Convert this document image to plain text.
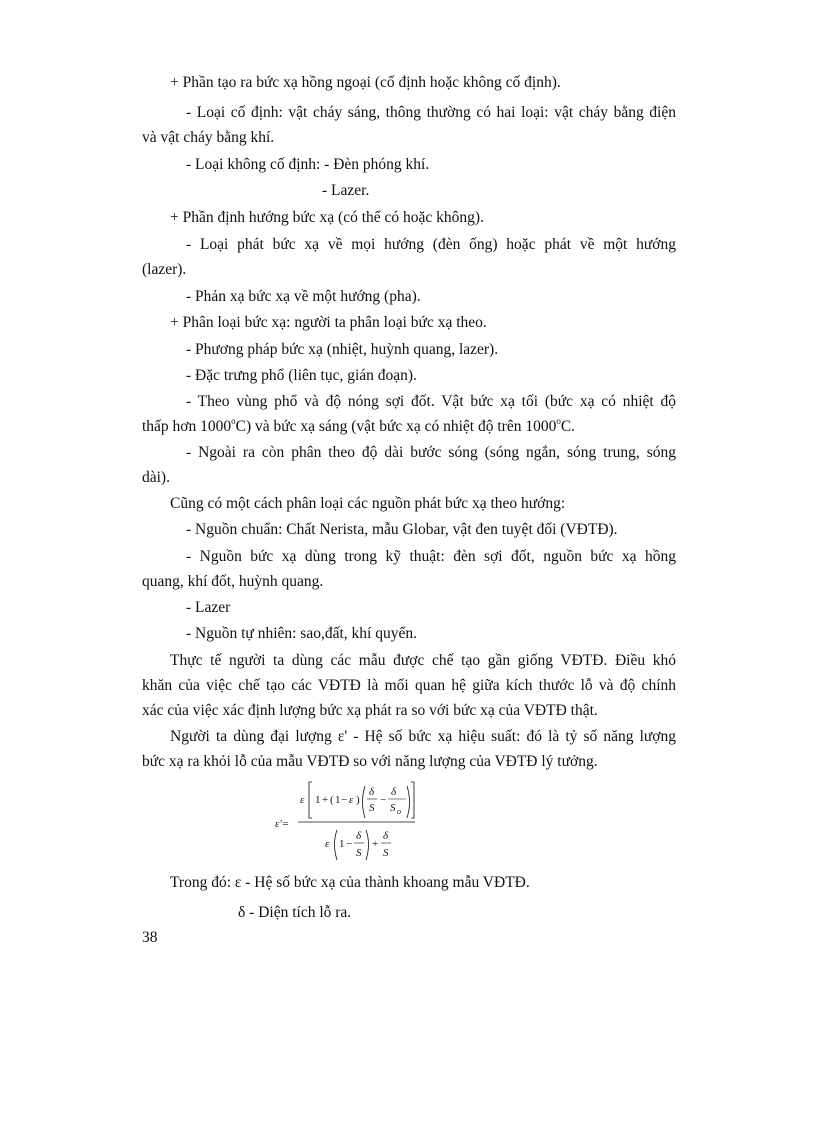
+ Phần tạo ra bức xạ hồng ngoại (cố định hoặc không cố định).
- Loại cố định: vật cháy sáng, thông thường có hai loại: vật cháy bằng điện
và vật cháy bằng khí.
- Loại không cố định: - Đèn phóng khí.
- Lazer.
+ Phần định hướng bức xạ (có thể có hoặc không).
- Loại phát bức xạ về mọi hướng (đèn ống) hoặc phát về một hướng
(lazer).
- Phản xạ bức xạ về một hướng (pha).
+ Phân loại bức xạ: người ta phân loại bức xạ theo.
- Phương pháp bức xạ (nhiệt, huỳnh quang, lazer).
- Đặc trưng phổ (liên tục, gián đoạn).
- Theo vùng phổ và độ nóng sợi đốt. Vật bức xạ tối (bức xạ có nhiệt độ
thấp hơn 1000$^o$C) và bức xạ sáng (vật bức xạ có nhiệt độ trên 1000$^o$C.
- Ngoài ra còn phân theo độ dài bước sóng (sóng ngắn, sóng trung, sóng
dài).
Cũng có một cách phân loại các nguồn phát bức xạ theo hướng:
- Nguồn chuẩn: Chất Nerista, mẫu Globar, vật đen tuyệt đối (VĐTĐ).
- Nguồn bức xạ dùng trong kỹ thuật: đèn sợi đốt, nguồn bức xạ hồng
quang, khí đốt, huỳnh quang.
- Lazer
- Nguồn tự nhiên: sao,đất, khí quyển.
Thực tế người ta dùng các mẫu được chế tạo gần giống VĐTĐ. Điều khó
khăn của việc chế tạo các VĐTĐ là mối quan hệ giữa kích thước lỗ và độ chính
xác của việc xác định lượng bức xạ phát ra so với bức xạ của VĐTĐ thật.
Người ta dùng đại lượng ε' - Hệ số bức xạ hiệu suất: đó là tỷ số năng lượng
bức xạ ra khỏi lỗ của mẫu VĐTĐ so với năng lượng của VĐTĐ lý tưởng.
ε'=
ε 1 + ( 1 − ε )
δ
S
−
δ
S o
ε 1 −
δ
S
+
δ
S
Trong đó: ε - Hệ số bức xạ của thành khoang mẫu VĐTĐ.
δ - Diện tích lỗ ra.
38
